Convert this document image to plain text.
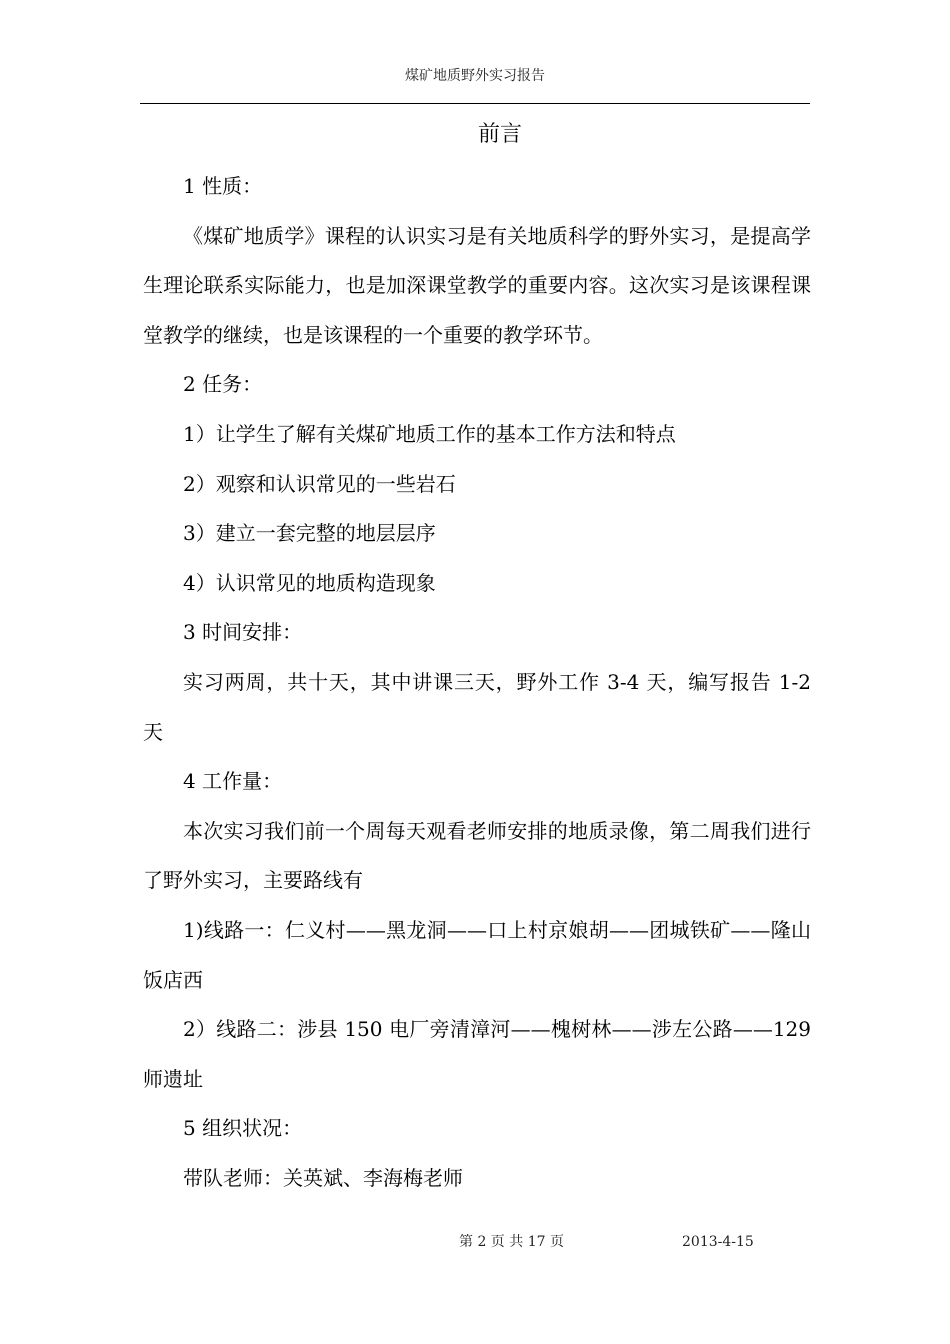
煤矿地质野外实习报告
前言

1 性质：

《煤矿地质学》课程的认识实习是有关地质科学的野外实习，是提高学生理论联系实际能力，也是加深课堂教学的重要内容。这次实习是该课程课堂教学的继续，也是该课程的一个重要的教学环节。

2 任务：

1）让学生了解有关煤矿地质工作的基本工作方法和特点

2）观察和认识常见的一些岩石

3）建立一套完整的地层层序

4）认识常见的地质构造现象

3 时间安排：

实习两周，共十天，其中讲课三天，野外工作 3-4 天，编写报告 1-2 天

4 工作量：

本次实习我们前一个周每天观看老师安排的地质录像，第二周我们进行了野外实习，主要路线有

1)线路一：仁义村——黑龙洞——口上村京娘胡——团城铁矿——隆山饭店西

2）线路二：涉县 150 电厂旁清漳河——槐树林——涉左公路——129 师遗址

5 组织状况：

带队老师：关英斌、李海梅老师

第 2 页 共 17 页	2013-4-15
